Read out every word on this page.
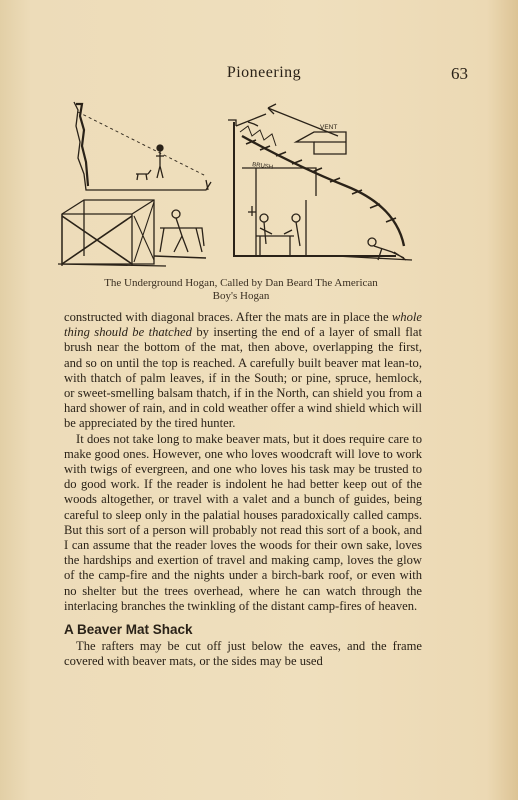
Pioneering	63
VENT
BRUSH
The Underground Hogan, Called by Dan Beard The American
Boy's Hogan

constructed with diagonal braces. After the mats are in place the whole thing should be thatched by inserting the end of a layer of small flat brush near the bottom of the mat, then above, overlapping the first, and so on until the top is reached. A carefully built beaver mat lean-to, with thatch of palm leaves, if in the South; or pine, spruce, hemlock, or sweet-smelling balsam thatch, if in the North, can shield you from a hard shower of rain, and in cold weather offer a wind shield which will be appreciated by the tired hunter.

It does not take long to make beaver mats, but it does require care to make good ones. However, one who loves woodcraft will love to work with twigs of evergreen, and one who loves his task may be trusted to do good work. If the reader is indolent he had better keep out of the woods altogether, or travel with a valet and a bunch of guides, being careful to sleep only in the palatial houses paradoxically called camps. But this sort of a person will probably not read this sort of a book, and I can assume that the reader loves the woods for their own sake, loves the hardships and exertion of travel and making camp, loves the glow of the camp-fire and the nights under a birch-bark roof, or even with no shelter but the trees overhead, where he can watch through the interlacing branches the twinkling of the distant camp-fires of heaven.

A Beaver Mat Shack

The rafters may be cut off just below the eaves, and the frame covered with beaver mats, or the sides may be used
